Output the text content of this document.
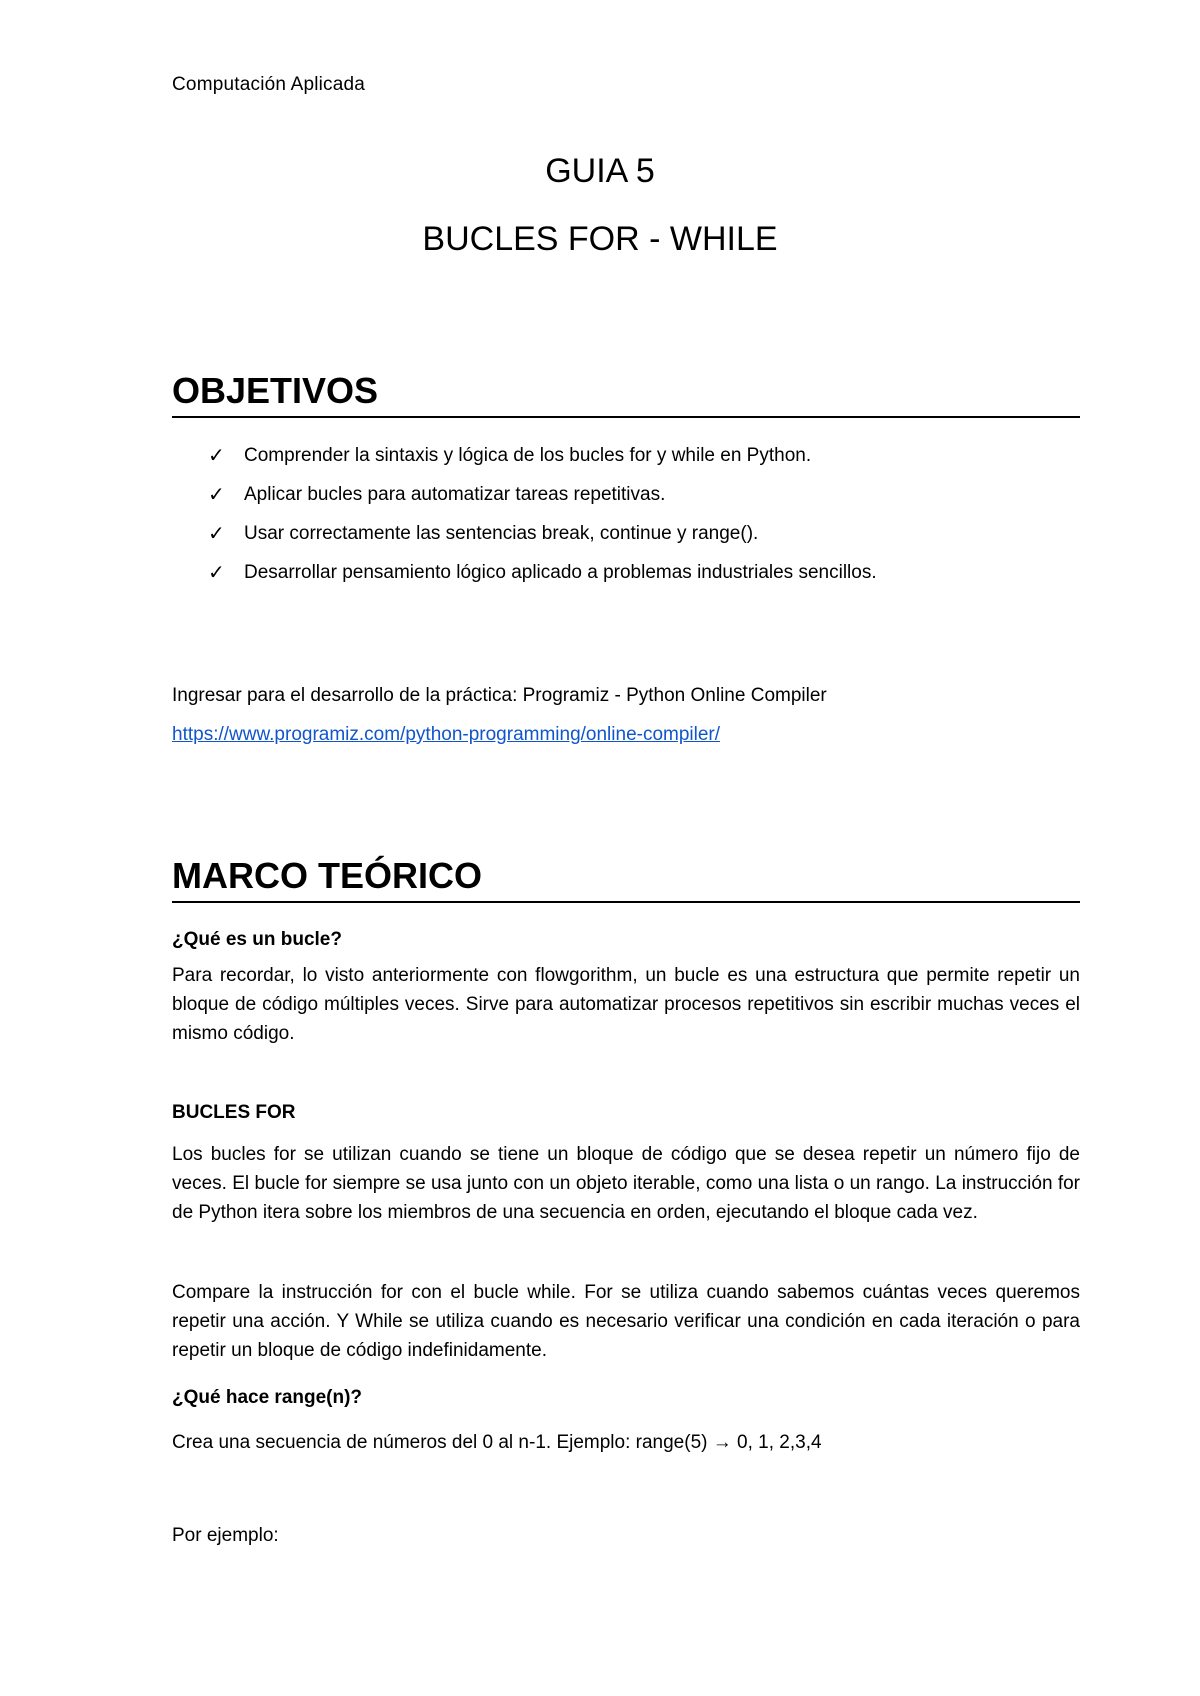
Computación Aplicada
GUIA 5
BUCLES FOR - WHILE
OBJETIVOS
✓	Comprender la sintaxis y lógica de los bucles for y while en Python.
✓	Aplicar bucles para automatizar tareas repetitivas.
✓	Usar correctamente las sentencias break, continue y range().
✓	Desarrollar pensamiento lógico aplicado a problemas industriales sencillos.
Ingresar para el desarrollo de la práctica: Programiz - Python Online Compiler
https://www.programiz.com/python-programming/online-compiler/
MARCO TEÓRICO
¿Qué es un bucle?
Para recordar, lo visto anteriormente con flowgorithm, un bucle es una estructura que permite repetir un bloque de código múltiples veces. Sirve para automatizar procesos repetitivos sin escribir muchas veces el mismo código.
BUCLES FOR
Los bucles for se utilizan cuando se tiene un bloque de código que se desea repetir un número fijo de veces. El bucle for siempre se usa junto con un objeto iterable, como una lista o un rango. La instrucción for de Python itera sobre los miembros de una secuencia en orden, ejecutando el bloque cada vez.
Compare la instrucción for con el bucle while. For se utiliza cuando sabemos cuántas veces queremos repetir una acción. Y While se utiliza cuando es necesario verificar una condición en cada iteración o para repetir un bloque de código indefinidamente.
¿Qué hace range(n)?
Crea una secuencia de números del 0 al n-1. Ejemplo: range(5) → 0, 1, 2,3,4
Por ejemplo:
